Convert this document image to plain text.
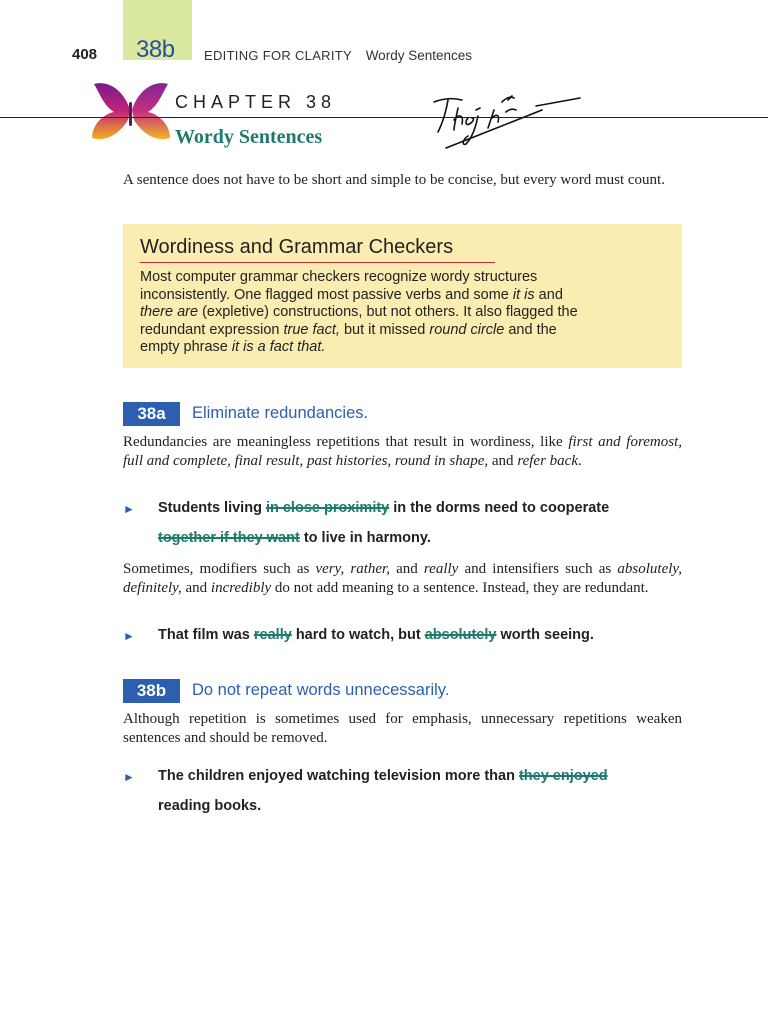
408 38b EDITING FOR CLARITY Wordy Sentences
CHAPTER 38
Wordy Sentences
A sentence does not have to be short and simple to be concise, but every word must count.
Wordiness and Grammar Checkers
Most computer grammar checkers recognize wordy structures
inconsistently. One flagged most passive verbs and some it is and
there are (expletive) constructions, but not others. It also flagged the
redundant expression true fact, but it missed round circle and the
empty phrase it is a fact that.
38a	Eliminate redundancies.
Redundancies are meaningless repetitions that result in wordiness, like first and foremost, full and complete, final result, past histories, round in shape, and refer back.
► Students living in close proximity in the dorms need to cooperate
together if they want to live in harmony.
Sometimes, modifiers such as very, rather, and really and intensifiers such as absolutely, definitely, and incredibly do not add meaning to a sentence. Instead, they are redundant.
► That film was really hard to watch, but absolutely worth seeing.
38b	Do not repeat words unnecessarily.
Although repetition is sometimes used for emphasis, unnecessary repetitions weaken sentences and should be removed.
► The children enjoyed watching television more than they enjoyed
reading books.
